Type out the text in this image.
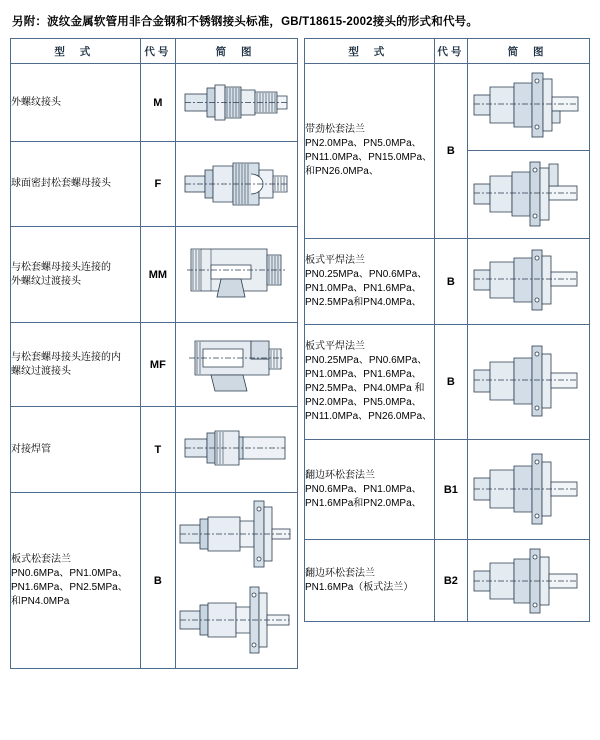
另附：波纹金属软管用非合金钢和不锈钢接头标准，GB/T18615-2002接头的形式和代号。
型 式	代号	简 图
外螺纹接头	M	

球面密封松套螺母接头	F	

与松套螺母接头连接的
外螺纹过渡接头	MM	

与松套螺母接头连接的内
螺纹过渡接头	MF	

对接焊管	T	

板式松套法兰
PN0.6MPa、PN1.0MPa、
PN1.6MPa、PN2.5MPa、
和PN4.0MPa	B	
型 式	代号	简 图

带劲松套法兰
PN2.0MPa、PN5.0MPa、
PN11.0MPa、PN15.0MPa、
和PN26.0MPa、	B	

板式平焊法兰
PN0.25MPa、PN0.6MPa、
PN1.0MPa、PN1.6MPa、
PN2.5MPa和PN4.0MPa、	B	

板式平焊法兰
PN0.25MPa、PN0.6MPa、
PN1.0MPa、PN1.6MPa、
PN2.5MPa、PN4.0MPa 和
PN2.0MPa、PN5.0MPa、
PN11.0MPa、PN26.0MPa、
	B	

翻边环松套法兰
PN0.6MPa、PN1.0MPa、
PN1.6MPa和PN2.0MPa、	B1	

翻边环松套法兰
PN1.6MPa（板式法兰）	B2	
